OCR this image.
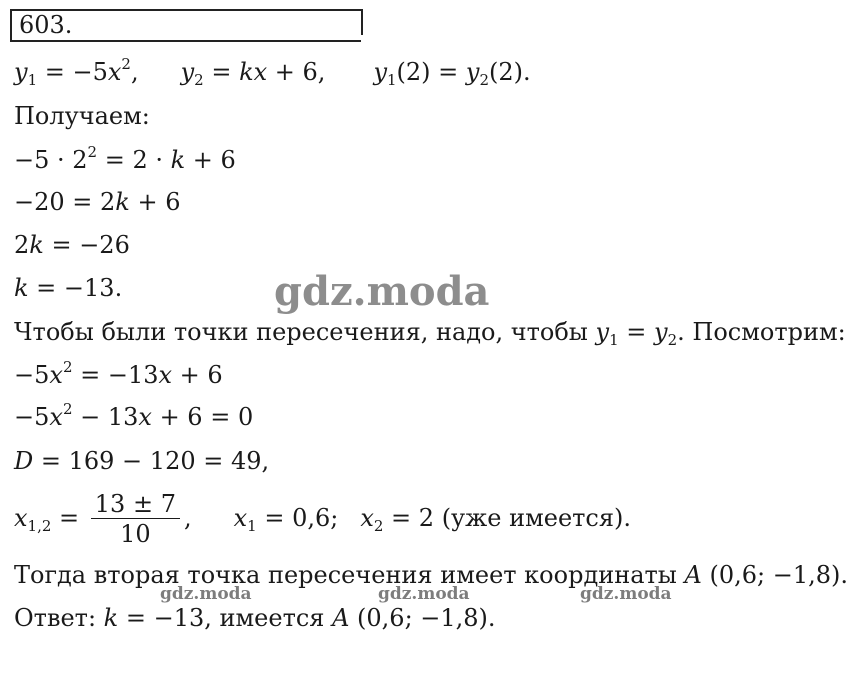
603.
$y_1 = -5x^2$, $y_2$ = kx + 6, $y_1(2) = y_2(2)$.
Получаем:
$-5 \cdot 2^2 = 2 \cdot k + 6$
−20 = 2k + 6
2k = −26
k = −13.	gdz.moda
Чтобы были точки пересечения, надо, чтобы $y_1 = y_2$. Посмотрим:
$-5x^2 = -13x + 6$
$-5x^2 - 13x + 6 = 0$
D = 169 − 120 = 49,
$x_{1,2} = \frac{13 \pm 7}{10}$ , $x_1 = 0,6$; $x_2 = 2$ (уже имеется).
Тогда вторая точка пересечения имеет координаты A (0,6; −1,8).
gdz.moda	gdz.moda	gdz.moda
Ответ: k = −13, имеется A (0,6; −1,8).
